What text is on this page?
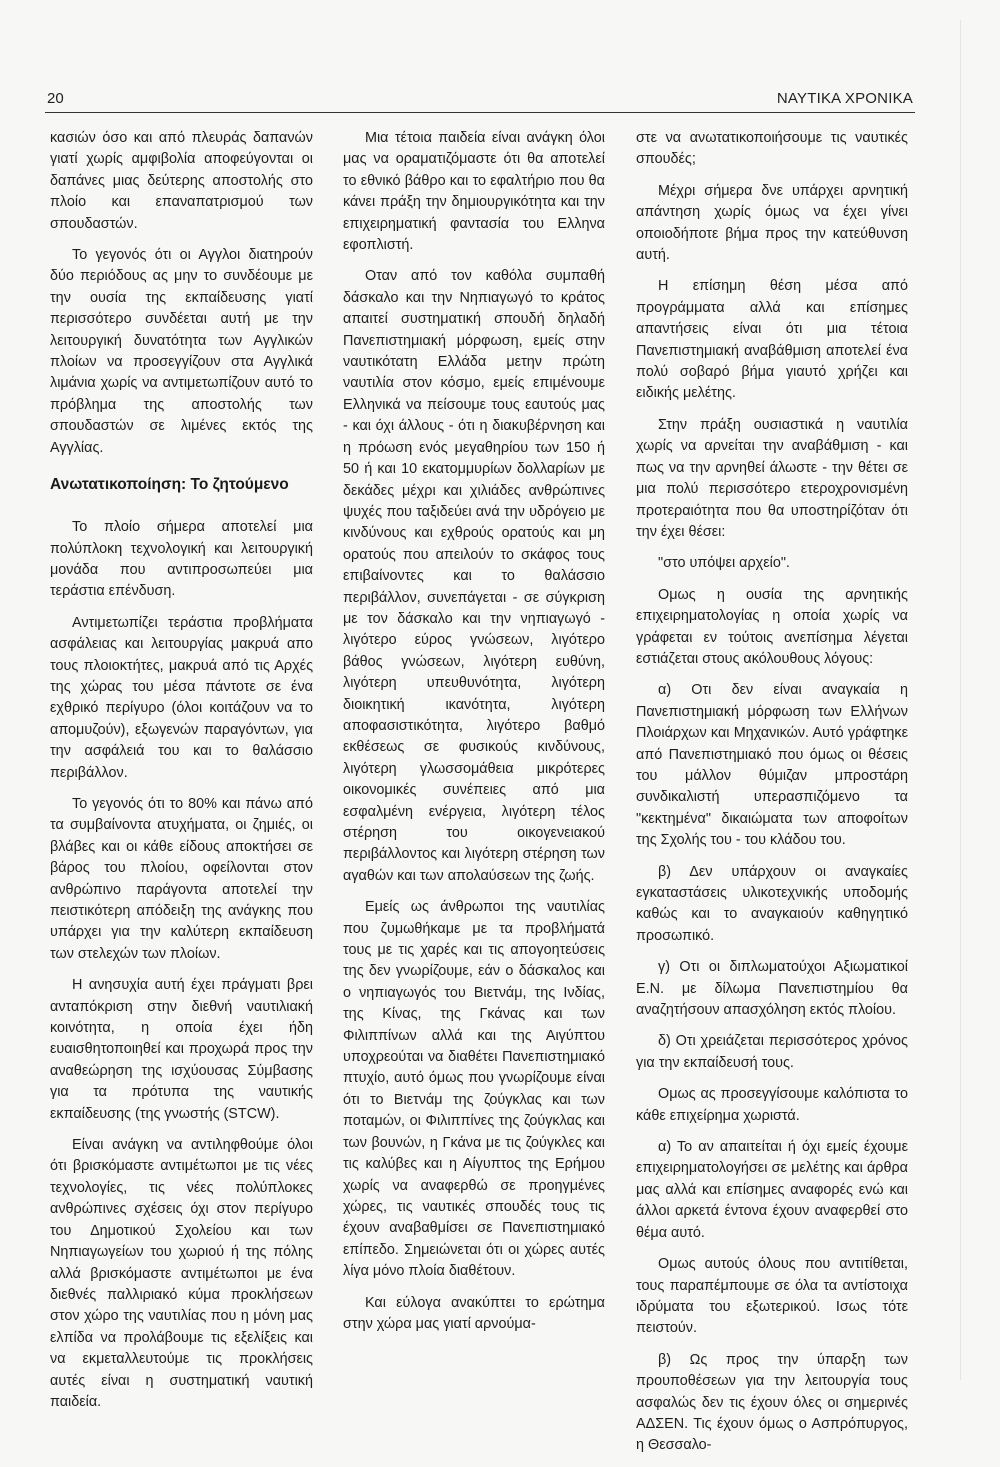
20	ΝΑΥΤΙΚΑ ΧΡΟΝΙΚΑ

κασιών όσο και από πλευράς δαπανών γιατί χωρίς αμφιβολία αποφεύγονται οι δαπάνες μιας δεύτερης αποστολής στο πλοίο και επαναπατρισμού των σπουδαστών.

Το γεγονός ότι οι Αγγλοι διατηρούν δύο περιόδους ας μην το συνδέουμε με την ουσία της εκπαίδευσης γιατί περισσότερο συνδέεται αυτή με την λειτουργική δυνατότητα των Αγγλικών πλοίων να προσεγγίζουν στα Αγγλικά λιμάνια χωρίς να αντιμετωπίζουν αυτό το πρόβλημα της αποστολής των σπουδαστών σε λιμένες εκτός της Αγγλίας.

Ανωτατικοποίηση: Το ζητούμενο

Το πλοίο σήμερα αποτελεί μια πολύπλοκη τεχνολογική και λειτουργική μονάδα που αντιπροσωπεύει μια τεράστια επένδυση.

Αντιμετωπίζει τεράστια προβλήματα ασφάλειας και λειτουργίας μακρυά απο τους πλοιοκτήτες, μακρυά από τις Αρχές της χώρας του μέσα πάντοτε σε ένα εχθρικό περίγυρο (όλοι κοιτάζουν να το απομυζούν), εξωγενών παραγόντων, για την ασφάλειά του και το θαλάσσιο περιβάλλον.

Το γεγονός ότι το 80% και πάνω από τα συμβαίνοντα ατυχήματα, οι ζημιές, οι βλάβες και οι κάθε είδους αποκτήσει σε βάρος του πλοίου, οφείλονται στον ανθρώπινο παράγοντα αποτελεί την πειστικότερη απόδειξη της ανάγκης που υπάρχει για την καλύτερη εκπαίδευση των στελεχών των πλοίων.

Η ανησυχία αυτή έχει πράγματι βρει ανταπόκριση στην διεθνή ναυτιλιακή κοινότητα, η οποία έχει ήδη ευαισθητοποιηθεί και προχωρά προς την αναθεώρηση της ισχύουσας Σύμβασης για τα πρότυπα της ναυτικής εκπαίδευσης (της γνωστής (STCW).

Είναι ανάγκη να αντιληφθούμε όλοι ότι βρισκόμαστε αντιμέτωποι με τις νέες τεχνολογίες, τις νέες πολύπλοκες ανθρώπινες σχέσεις όχι στον περίγυρο του Δημοτικού Σχολείου και των Νηπιαγωγείων του χωριού ή της πόλης αλλά βρισκόμαστε αντιμέτωποι με ένα διεθνές παλλιριακό κύμα προκλήσεων στον χώρο της ναυτιλίας που η μόνη μας ελπίδα να προλάβουμε τις εξελίξεις και να εκμεταλλευτούμε τις προκλήσεις αυτές είναι η συστηματική ναυτική παιδεία.

Μια τέτοια παιδεία είναι ανάγκη όλοι μας να οραματιζόμαστε ότι θα αποτελεί το εθνικό βάθρο και το εφαλτήριο που θα κάνει πράξη την δημιουργικότητα και την επιχειρηματική φαντασία του Ελληνα εφοπλιστή.

Οταν από τον καθόλα συμπαθή δάσκαλο και την Νηπιαγωγό το κράτος απαιτεί συστηματική σπουδή δηλαδή Πανεπιστημιακή μόρφωση, εμείς στην ναυτικότατη Ελλάδα μετην πρώτη ναυτιλία στον κόσμο, εμείς επιμένουμε Ελληνικά να πείσουμε τους εαυτούς μας - και όχι άλλους - ότι η διακυβέρνηση και η πρόωση ενός μεγαθηρίου των 150 ή 50 ή και 10 εκατομμυρίων δολλαρίων με δεκάδες μέχρι και χιλιάδες ανθρώπινες ψυχές που ταξιδεύει ανά την υδρόγειο με κινδύνους και εχθρούς ορατούς και μη ορατούς που απειλούν το σκάφος τους επιβαίνοντες και το θαλάσσιο περιβάλλον, συνεπάγεται - σε σύγκριση με τον δάσκαλο και την νηπιαγωγό - λιγότερο εύρος γνώσεων, λιγότερο βάθος γνώσεων, λιγότερη ευθύνη, λιγότερη υπευθυνότητα, λιγότερη διοικητική ικανότητα, λιγότερη αποφασιστικότητα, λιγότερο βαθμό εκθέσεως σε φυσικούς κινδύνους, λιγότερη γλωσσομάθεια μικρότερες οικονομικές συνέπειες από μια εσφαλμένη ενέργεια, λιγότερη τέλος στέρηση του οικογενειακού περιβάλλοντος και λιγότερη στέρηση των αγαθών και των απολαύσεων της ζωής.

Εμείς ως άνθρωποι της ναυτιλίας που ζυμωθήκαμε με τα προβλήματά τους με τις χαρές και τις απογοητεύσεις της δεν γνωρίζουμε, εάν ο δάσκαλος και ο νηπιαγωγός του Βιετνάμ, της Ινδίας, της Κίνας, της Γκάνας και των Φιλιππίνων αλλά και της Αιγύπτου υποχρεούται να διαθέτει Πανεπιστημιακό πτυχίο, αυτό όμως που γνωρίζουμε είναι ότι το Βιετνάμ της ζούγκλας και των ποταμών, οι Φιλιππίνες της ζούγκλας και των βουνών, η Γκάνα με τις ζούγκλες και τις καλύβες και η Αίγυπτος της Ερήμου χωρίς να αναφερθώ σε προηγμένες χώρες, τις ναυτικές σπουδές τους τις έχουν αναβαθμίσει σε Πανεπιστημιακό επίπεδο. Σημειώνεται ότι οι χώρες αυτές λίγα μόνο πλοία διαθέτουν.

Και εύλογα ανακύπτει το ερώτημα στην χώρα μας γιατί αρνούμα-

στε να ανωτατικοποιήσουμε τις ναυτικές σπουδές;

Μέχρι σήμερα δνε υπάρχει αρνητική απάντηση χωρίς όμως να έχει γίνει οποιοδήποτε βήμα προς την κατεύθυνση αυτή.

Η επίσημη θέση μέσα από προγράμματα αλλά και επίσημες απαντήσεις είναι ότι μια τέτοια Πανεπιστημιακή αναβάθμιση αποτελεί ένα πολύ σοβαρό βήμα γιαυτό χρήζει και ειδικής μελέτης.

Στην πράξη ουσιαστικά η ναυτιλία χωρίς να αρνείται την αναβάθμιση - και πως να την αρνηθεί άλωστε - την θέτει σε μια πολύ περισσότερο ετεροχρονισμένη προτεραιότητα που θα υποστηρίζόταν ότι την έχει θέσει:

"στο υπόψει αρχείο".

Ομως η ουσία της αρνητικής επιχειρηματολογίας η οποία χωρίς να γράφεται εν τούτοις ανεπίσημα λέγεται εστιάζεται στους ακόλουθους λόγους:

α) Οτι δεν είναι αναγκαία η Πανεπιστημιακή μόρφωση των Ελλήνων Πλοιάρχων και Μηχανικών. Αυτό γράφτηκε από Πανεπιστημιακό που όμως οι θέσεις του μάλλον θύμιζαν μπροστάρη συνδικαλιστή υπερασπιζόμενο τα "κεκτημένα" δικαιώματα των αποφοίτων της Σχολής του - του κλάδου του.

β) Δεν υπάρχουν οι αναγκαίες εγκαταστάσεις υλικοτεχνικής υποδομής καθώς και το αναγκαιούν καθηγητικό προσωπικό.

γ) Οτι οι διπλωματούχοι Αξιωματικοί Ε.Ν. με δίλωμα Πανεπιστημίου θα αναζητήσουν απασχόληση εκτός πλοίου.

δ) Οτι χρειάζεται περισσότερος χρόνος για την εκπαίδευσή τους.

Ομως ας προσεγγίσουμε καλόπιστα το κάθε επιχείρημα χωριστά.

α) Το αν απαιτείται ή όχι εμείς έχουμε επιχειρηματολογήσει σε μελέτης και άρθρα μας αλλά και επίσημες αναφορές ενώ και άλλοι αρκετά έντονα έχουν αναφερθεί στο θέμα αυτό.

Ομως αυτούς όλους που αντιτίθεται, τους παραπέμπουμε σε όλα τα αντίστοιχα ιδρύματα του εξωτερικού. Ισως τότε πειστούν.

β) Ως προς την ύπαρξη των προυποθέσεων για την λειτουργία τους ασφαλώς δεν τις έχουν όλες οι σημερινές ΑΔΣΕΝ. Τις έχουν όμως ο Ασπρόπυργος, η Θεσσαλο-
